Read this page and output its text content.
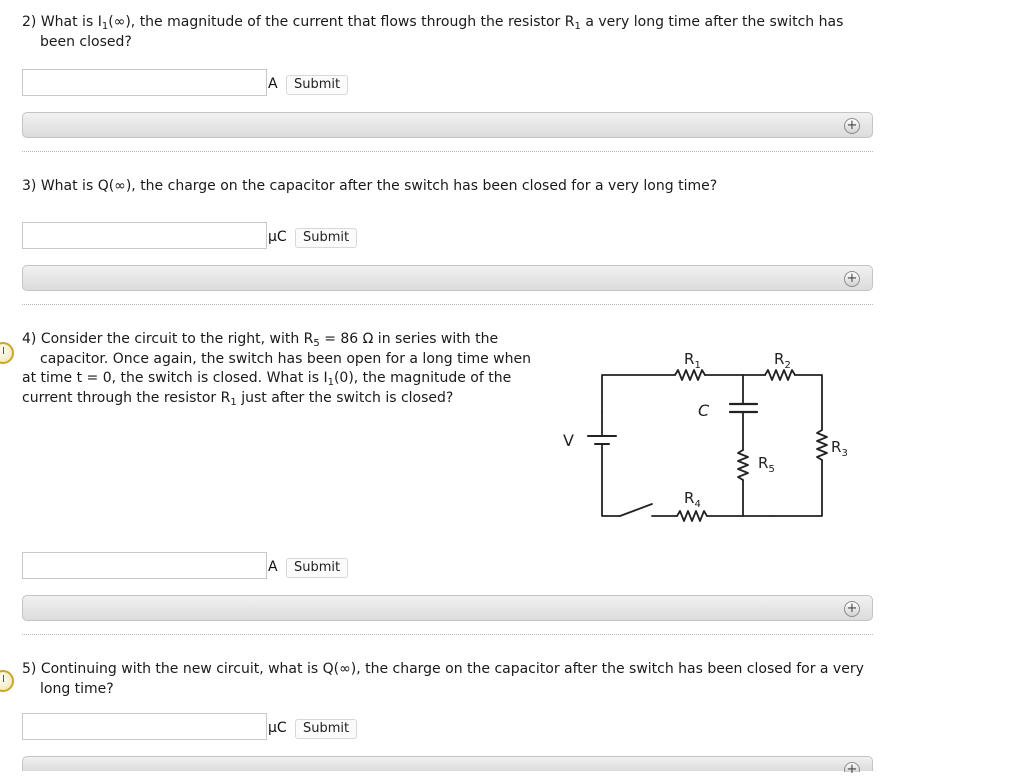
2) What is $I_1(\infty)$, the magnitude of the current that flows through the resistor $R_1$ a very long time after the switch has
been closed?
A	Submit
+
3) What is Q(∞), the charge on the capacitor after the switch has been closed for a very long time?
μC	Submit
+
4) Consider the circuit to the right, with $R_5 = 86$ Ω in series with the
capacitor. Once again, the switch has been open for a long time when
at time t = 0, the switch is closed. What is $I_1(0)$, the magnitude of the
current through the resistor $R_1$ just after the switch is closed?
$R_1$	$R_2$
$R_3$
$R_4$
$R_5$
C
V
A	Submit
+
5) Continuing with the new circuit, what is Q(∞), the charge on the capacitor after the switch has been closed for a very
long time?
μC	Submit
+
